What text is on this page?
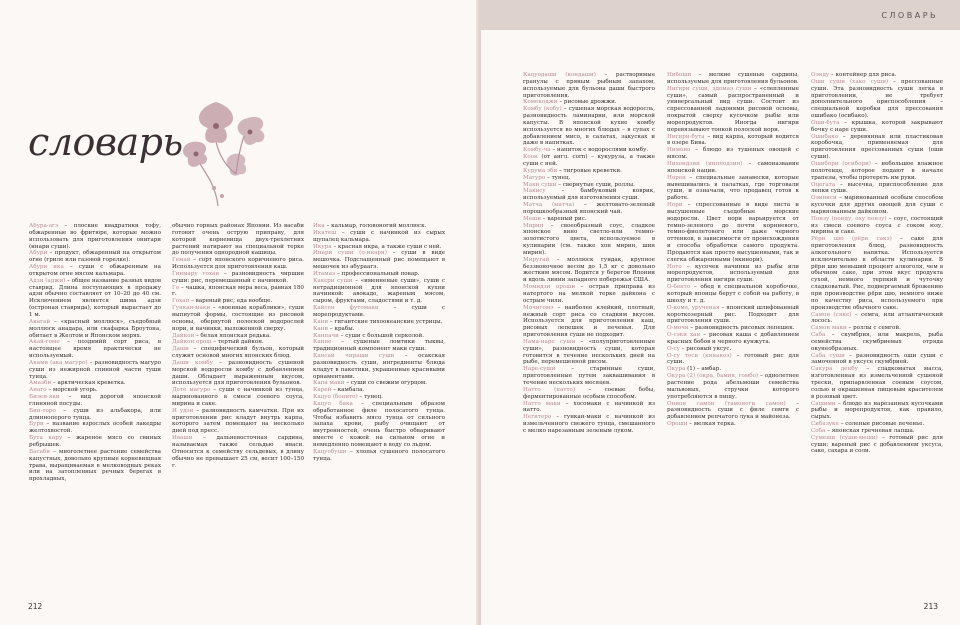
словарь

Абура-агэ – плоские квадратики тофу, обжаренные во фритюре, которые можно использовать для приготовления онигари (инари суши).

Абури – продукт, обжаренный на открытом огне (гриле или газовой горелке).

Абури ика – суши с обжаренным на открытом огне мясом кальмара.

Адзи (аджи) – общее название разных видов ставрид. Длина поступающих в продажу адзи обычно составляет от 10–20 до 40 см. Исключением является шима адзи (остроная ставрида), который вырастает до 1 м.

Акагай – «красный моллюск», съедобный моллюск анадара, или скафарка Броутона, обитает в Желтом и Японском морях.

Акай-гоме – позднийй сорт риса, в настоящее время практически не используемый.

Аками (ака магуро) – разновидность магуро суши из нежирной спинной части туши тунца.

Амаэби – арктическая креветка.

Анаго – морской угорь.

Бизен-яки – вид дорогой японской глиняной посуды.

Бин-торо – суши из альбакора, или длинноперого тунца.

Бури – название взрослых особей лакедры желтохвостой.

Бута кару – жареное мясо со свиных ребрышек.

Васаби – многолетнее растение семейства капустных, довольно крупные корневищная трава, выращиваемая в мелководных реках или на затопленных речных берегах в прохладных,

обычно горных районах Японии. Из васаби готовят очень острую приправу, для которой корневища двух-трехлетних растений натирают на специальной терке до получения однородной кашицы.

Гемай – сорт японского коричневого риса. Используется для приготовления каш.

Гинмару гохан – разновидность чиршин суши: рис, перемешанный с начинкой.

Го – чашка, японская мера веса, равная 180 г.

Гохан – вареный рис; еда вообще.

Гункан-маки – «военные кораблики», суши выпнутой формы, состоящие из рисовой основы, обернутой полоской водорослей нори, и начинки, выложенной сверху.

Дайкон – белая японская редька.

Дайкон орош – тертый дайкон.

Даши – специфический бульон, который служит основой многих японских блюд.

Даши комбу – разновидность сушеной морской водоросли комбу с добавлением даши. Обладает выраженным вкусом, используется для приготовления бульонов.

Доте магуро – суши с начинкой из тунца, маринованного в смеси соевого соуса, мирина и саке.

И удзи – разновидность камчатки. При их приготовлении рис кладут внутрь карпа, которого затем помещают на несколько дней под пресс.

Иваши – дальневосточная сардина, называемая также сельдью иваси. Относится к семейству сельдевых, в длину обычно не превышает 25 см, весит 100–150 г.

Ика – кальмар, головоногий моллюск.

Икатеш – суши с начинкой из сырых щупалец кальмара.

Икура – красная икра, а также суши с ней.

Инари суши (о-инари) – суши в виде мешочка. Подслащенный рис помещают в мешочек из абураагэ.

Итамаэ – профессиональный повар.

Кавери суши – «именненые суши», суши с нетрадиционной для японской кухни начинкой: авокадо, жареным мясом, сыром, фруктами, сладостями и т. д.

Кайсен футомаки – суши с морепродуктами.

Кани – гигантские тихоокеанские устрицы.

Кани – крабы.

Канпачи – суши с большой серколой.

Канпе – сушеные ломтики тыквы, традиционный компонент маки суши.

Кансай чираши суши – осакская разновидность суши, ингредиенты блюда кладут в пакетики, украшенные красивыми орнаментами.

Капа маки – суши со свежим огурцом.

Карей – камбала.

Кацуо (бонито) – тунец.

Кацуо бака – специальным образом обработанное филе полосатого тунца. Чтобы избавить мясо тунца от сильного запаха крови, рыбу очищают от внутренностей, очень быстро обваривают вместе с кожей на сильном огне и немедленно помещают в воду со льдом.

Кацуобуши – хлопья сушеного полосатого тунца.

212
СЛОВАРЬ

Кацуодаши (кондаши) – растворимые гранулы с пряным рыбным запахом, используемые для бульона даши быстрого приготовления.

Комекоджи – рисовые дрожжи.

Комбу (кобу) – сушеная морская водоросль, разновидность ламинарии, или морской капусты. В японской кухне комбу используется во многих блюдах – в супах с добавлением мисо, в салатах, закусках и даже в напитках.

Комбу-ча – напиток с водорослями комбу.

Коон (от англ. corn) – кукуруза, а также суши с ней.

Курума эби – тигровые креветки.

Магуро – тунец.

Маки суши – свернутые суши, роллы.

Макису – бамбуковый коврик, используемый для изготовления суши.

Матча (матча) – желтовато-зеленый порошкообразный японский чай.

Меши – вареный рис.

Мирин – своеобразный соус, сладкое японское вино светло-или темно-золотистого цвета, используемое в кулинарии (см. также хон мирин, шин мирин).

Миругай – моллюск гуидак, крупное беззвоночное весом до 1,5 кг с довольно жестким мясом. Водится у берегов Японии и вдоль линии западного побережья США.

Момидзи ороши – острая приправа из натертого на мелкой терке дайкона с острым чили.

Мочигомэ – наиболее клейкий, плотный, нежный сорт риса со сладким вкусом. Используется для приготовления каш, рисовых лепешек и печенья. Для приготовления суши не подходит.

Нама-наре суши – «полуприготовленные суши», разновидность суши, которая готовится в течение нескольких дней на рыбе, перемешенной рисом.

Наре-суши – старинные суши, приготовленные путем заквашивания в течение нескольких месяцев.

Натто (натто) – соевые бобы, ферментированные особым способом.

Натто маки – хосомаки с начинкой из натто.

Негитеро – гункан-маки с начинкой из измельченного свежего тунца, смешанного с мелко нарезанным зеленым луком.

Нибоши – мелкие сушеные сардины, используемые для приготовления бульонов.

Нигири суши, эдомаэ суши – «слепленные суши», самый распространенный и универсальный вид суши. Состоит из спрессованной ладонями рисовой основы, покрытой сверху кусочком рыбы или морепродуктов. Иногда нигири перевязывают тонкой полоской нори.

Нигири-бута – вид карпа, который водится в озере Бива.

Нимоно – блюдо из тушеных овощей с мясом.

Нихондзин (нипподзин) – самоназвание японской нации.

Норен – специальные занавески, которые вывешивались в палатках, где торговали суши, и означали, что продавец готов к работе.

Нори – спрессованные в виде листа и высушенные съедобные морские водоросли. Цвет нори варьируется от темно-зеленого до почти корнневого, темно-фиолетового или даже черного оттенков, в зависимости от происхождения и способа обработки самого продукта. Продаются как просто высушенными, так и слегка обжаренными (якинори).

Ното – кусочек начинки из рыбы или морепродуктов, используемый для приготовления нигири суши.

О-бенто – обед в специальной коробочке, который японцы берут с собой на работу, в школу и т. д.

О-коме, урученая – японский шлифованный короткозерный рис. Подходит для приготовления суши.

О-мочи – разновидность рисовых лепешек.

О-сэки хан – рисовая каша с добавлением красных бобов и черного кунжута.

О-су – рисовый уксус.

О-су тоси (кинакоэ) – готовый рис для суши.

Окура (1) – амбар.

Окура (2) (окра, бамия, гомбо) – однолетнее растение рода абельмоши семейства мальвовых, стручки которого употребляются в пищу.

Онион самон (тамонеги самон) – разновидность суши с филе семги с добавлением репчатого лука и майонеза.

Ороши – мелкая терка.

Оэиду – контейнер для риса.

Оши суши (хако суши) – прессованные суши. Эта разновидность суши легка в приготовлении, не требует дополнительного приспособления – специальной коробки для прессования ошибако (осибако).

Оши-бута – крышка, которой закрывают бочку с наре суши.

Ошибако – деревянная или пластиковая коробочка, применяемая для приготовления прессованных суши (оши суши).

Ошибори (осибори) – небольшое влажное полотенце, которое подают в начале трапезы, чтобы протереть им руки.

Оцегата – высечка, приспособление для лепки суши.

Оэиниси – маринованный особым способом кусочки для других овощей для суши с маринованным дайконом.

Понзу (понду, оху понзу) – соус, состоящий из смеси соевого соуса с соком юзу, мирина и саке.

Рёри шю (рёри сакэ) – саке для приготовления блюд, разновидность алкогольного напитка. Используется исключительно в области кулинарии. В рёри шю меньший процент алкоголя, чем в обычном саке, при этом вкус продукта сухой, немного терпкий и чуточку сладковатый. Рис, подвергаемый брожению при производстве рёри шю, немного ниже по качеству риса, используемого при производстве обычного саке.

Самон (сяке) – семга, или атлантический лосось.

Самон маки – роллы с семгой.

Саба – скумбрия, или макрель, рыба семейства скумбриевых отряда окунеобразных.

Саба суши – разновидность оши суши с замоченной в уксусе скумбрией.

Сакура денбу – сладкоматая масса, изготовленная из измельченной сушеной трески, припарвленная соевым соусом, солью и окрашенная пищевым красителем в розовый цвет.

Сашими – блюдо из нарезанных кусочками рыбы и морепродуктов, как правило, сырых.

Сибазуке – соленые рисовые печенье.

Соба – японская гречневая лапша.

Сумеши (суши-меши) – готовый рис для суши; вареный рис с добавлением уксуса, саке, сахара и соли.

213
